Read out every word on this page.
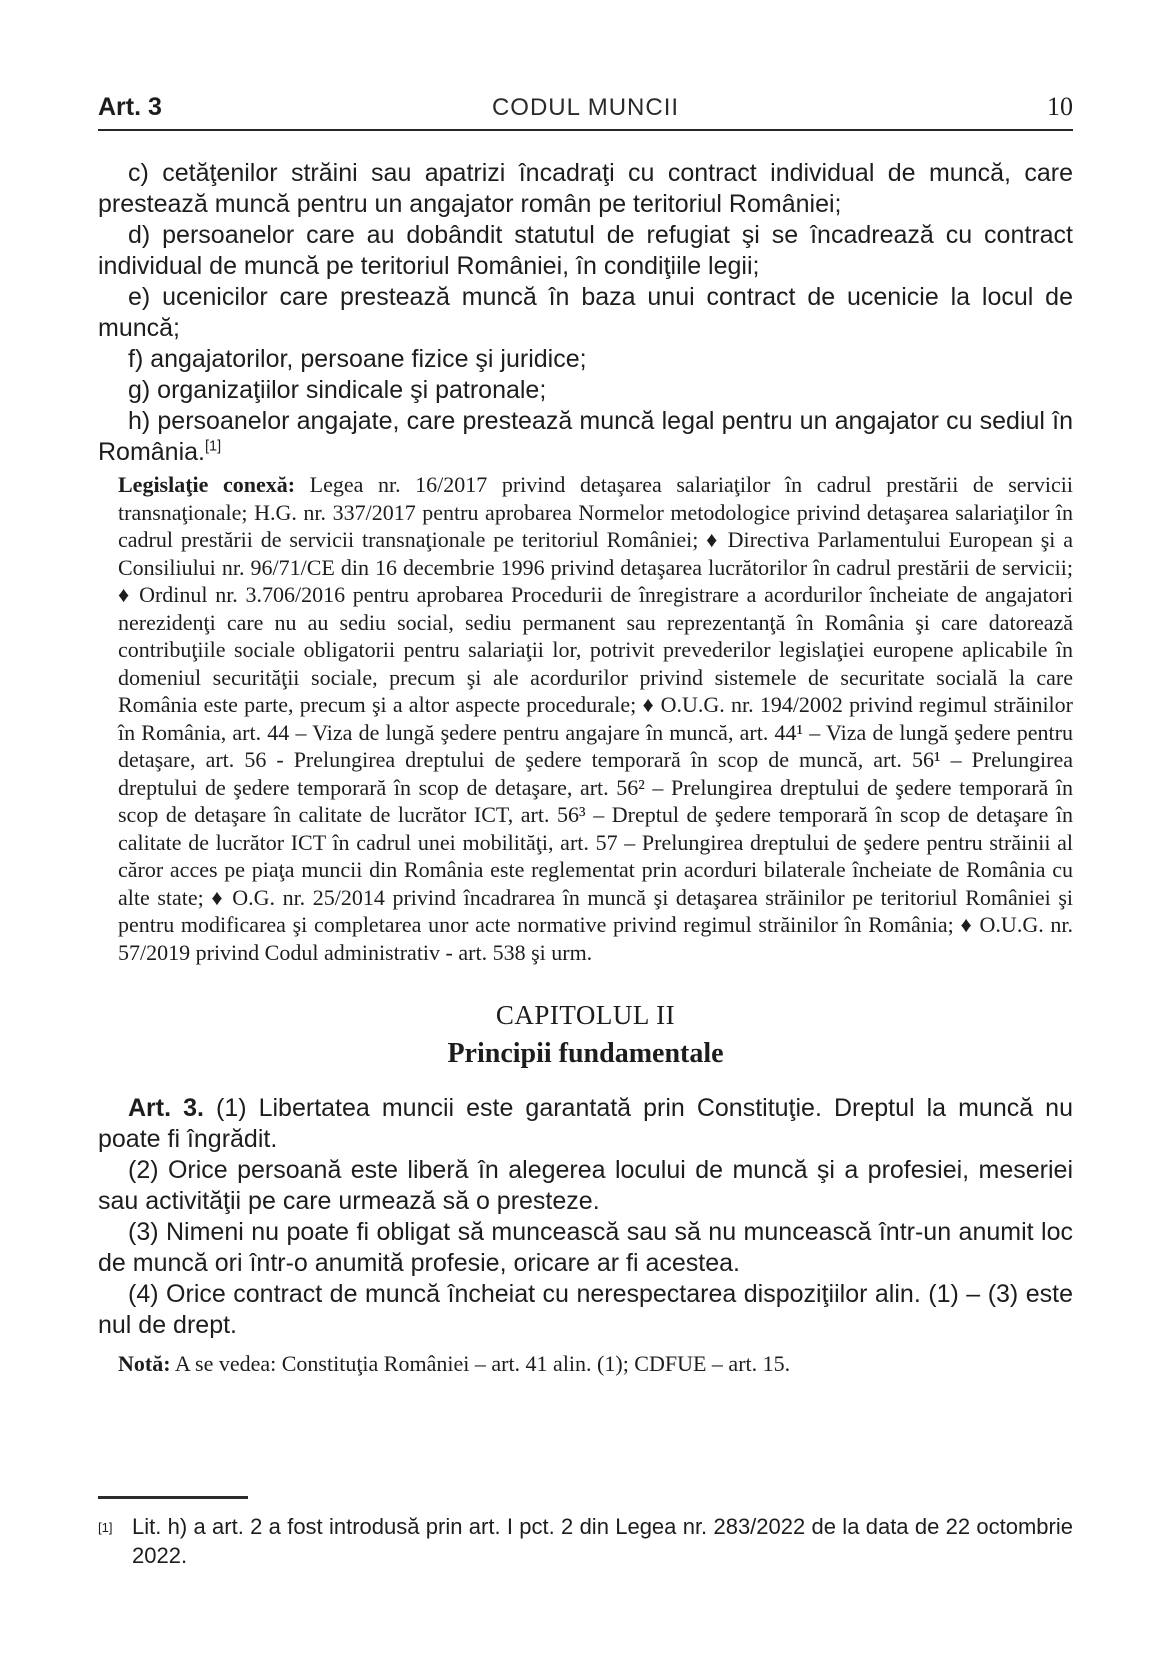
Art. 3	CODUL MUNCII	10

c) cetăţenilor străini sau apatrizi încadraţi cu contract individual de muncă, care prestează muncă pentru un angajator român pe teritoriul României;

d) persoanelor care au dobândit statutul de refugiat şi se încadrează cu contract individual de muncă pe teritoriul României, în condiţiile legii;

e) ucenicilor care prestează muncă în baza unui contract de ucenicie la locul de muncă;

f) angajatorilor, persoane fizice şi juridice;

g) organizaţiilor sindicale şi patronale;

h) persoanelor angajate, care prestează muncă legal pentru un angajator cu sediul în România.[1]

Legislaţie conexă: Legea nr. 16/2017 privind detaşarea salariaţilor în cadrul prestării de servicii transnaţionale; H.G. nr. 337/2017 pentru aprobarea Normelor metodologice privind detaşarea salariaţilor în cadrul prestării de servicii transnaţionale pe teritoriul României; ♦ Directiva Parlamentului European şi a Consiliului nr. 96/71/CE din 16 decembrie 1996 privind detaşarea lucrătorilor în cadrul prestării de servicii; ♦ Ordinul nr. 3.706/2016 pentru aprobarea Procedurii de înregistrare a acordurilor încheiate de angajatori nerezidenţi care nu au sediu social, sediu permanent sau reprezentanţă în România şi care datorează contribuţiile sociale obligatorii pentru salariaţii lor, potrivit prevederilor legislaţiei europene aplicabile în domeniul securităţii sociale, precum şi ale acordurilor privind sistemele de securitate socială la care România este parte, precum şi a altor aspecte procedurale; ♦ O.U.G. nr. 194/2002 privind regimul străinilor în România, art. 44 – Viza de lungă şedere pentru angajare în muncă, art. 44¹ – Viza de lungă şedere pentru detaşare, art. 56 - Prelungirea dreptului de şedere temporară în scop de muncă, art. 56¹ – Prelungirea dreptului de şedere temporară în scop de detaşare, art. 56² – Prelungirea dreptului de şedere temporară în scop de detaşare în calitate de lucrător ICT, art. 56³ – Dreptul de şedere temporară în scop de detaşare în calitate de lucrător ICT în cadrul unei mobilităţi, art. 57 – Prelungirea dreptului de şedere pentru străinii al căror acces pe piaţa muncii din România este reglementat prin acorduri bilaterale încheiate de România cu alte state; ♦ O.G. nr. 25/2014 privind încadrarea în muncă şi detaşarea străinilor pe teritoriul României şi pentru modificarea şi completarea unor acte normative privind regimul străinilor în România; ♦ O.U.G. nr. 57/2019 privind Codul administrativ - art. 538 şi urm.
CAPITOLUL II
Principii fundamentale

Art. 3. (1) Libertatea muncii este garantată prin Constituţie. Dreptul la muncă nu poate fi îngrădit.

(2) Orice persoană este liberă în alegerea locului de muncă şi a profesiei, meseriei sau activităţii pe care urmează să o presteze.

(3) Nimeni nu poate fi obligat să muncească sau să nu muncească într-un anumit loc de muncă ori într-o anumită profesie, oricare ar fi acestea.

(4) Orice contract de muncă încheiat cu nerespectarea dispoziţiilor alin. (1) – (3) este nul de drept.

Notă: A se vedea: Constituţia României – art. 41 alin. (1); CDFUE – art. 15.

[1] Lit. h) a art. 2 a fost introdusă prin art. I pct. 2 din Legea nr. 283/2022 de la data de 22 octombrie 2022.
